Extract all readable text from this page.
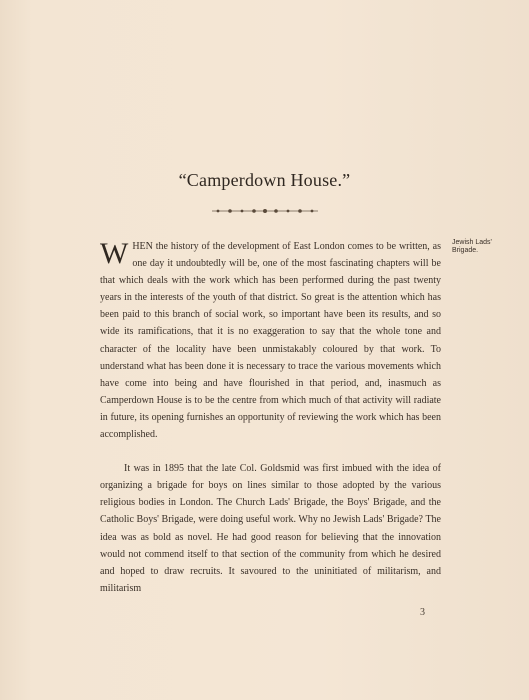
“Camperdown House.”
Jewish Lads' Brigade.

W HEN the history of the development of East London comes to be written, as one day it undoubtedly will be, one of the most fascinating chapters will be that which deals with the work which has been performed during the past twenty years in the interests of the youth of that district. So great is the attention which has been paid to this branch of social work, so important have been its results, and so wide its ramifications, that it is no exaggeration to say that the whole tone and character of the locality have been unmistakably coloured by that work. To understand what has been done it is necessary to trace the various movements which have come into being and have flourished in that period, and, inasmuch as Camperdown House is to be the centre from which much of that activity will radiate in future, its opening furnishes an opportunity of reviewing the work which has been accomplished.

It was in 1895 that the late Col. Goldsmid was first imbued with the idea of organizing a brigade for boys on lines similar to those adopted by the various religious bodies in London. The Church Lads' Brigade, the Boys' Brigade, and the Catholic Boys' Brigade, were doing useful work. Why no Jewish Lads' Brigade? The idea was as bold as novel. He had good reason for believing that the innovation would not commend itself to that section of the community from which he desired and hoped to draw recruits. It savoured to the uninitiated of militarism, and militarism

3
